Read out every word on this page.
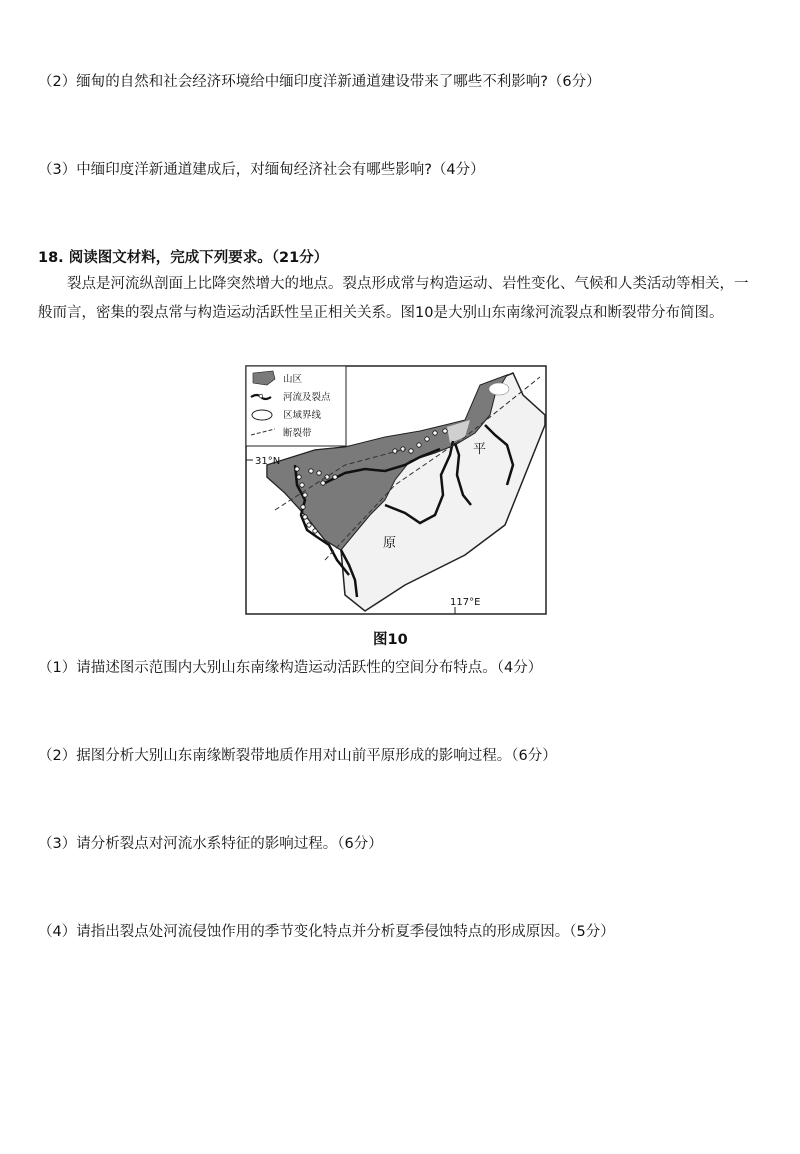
（2）缅甸的自然和社会经济环境给中缅印度洋新通道建设带来了哪些不利影响?（6分）
（3）中缅印度洋新通道建成后，对缅甸经济社会有哪些影响?（4分）
18. 阅读图文材料，完成下列要求。（21分）
裂点是河流纵剖面上比降突然增大的地点。裂点形成常与构造运动、岩性变化、气候和人类活动等相关，一般而言，密集的裂点常与构造运动活跃性呈正相关关系。图10是大别山东南缘河流裂点和断裂带分布简图。
31°N
117°E
平
原
山区
河流及裂点
区域界线
断裂带
图10
（1）请描述图示范围内大别山东南缘构造运动活跃性的空间分布特点。（4分）
（2）据图分析大别山东南缘断裂带地质作用对山前平原形成的影响过程。（6分）
（3）请分析裂点对河流水系特征的影响过程。（6分）
（4）请指出裂点处河流侵蚀作用的季节变化特点并分析夏季侵蚀特点的形成原因。（5分）
